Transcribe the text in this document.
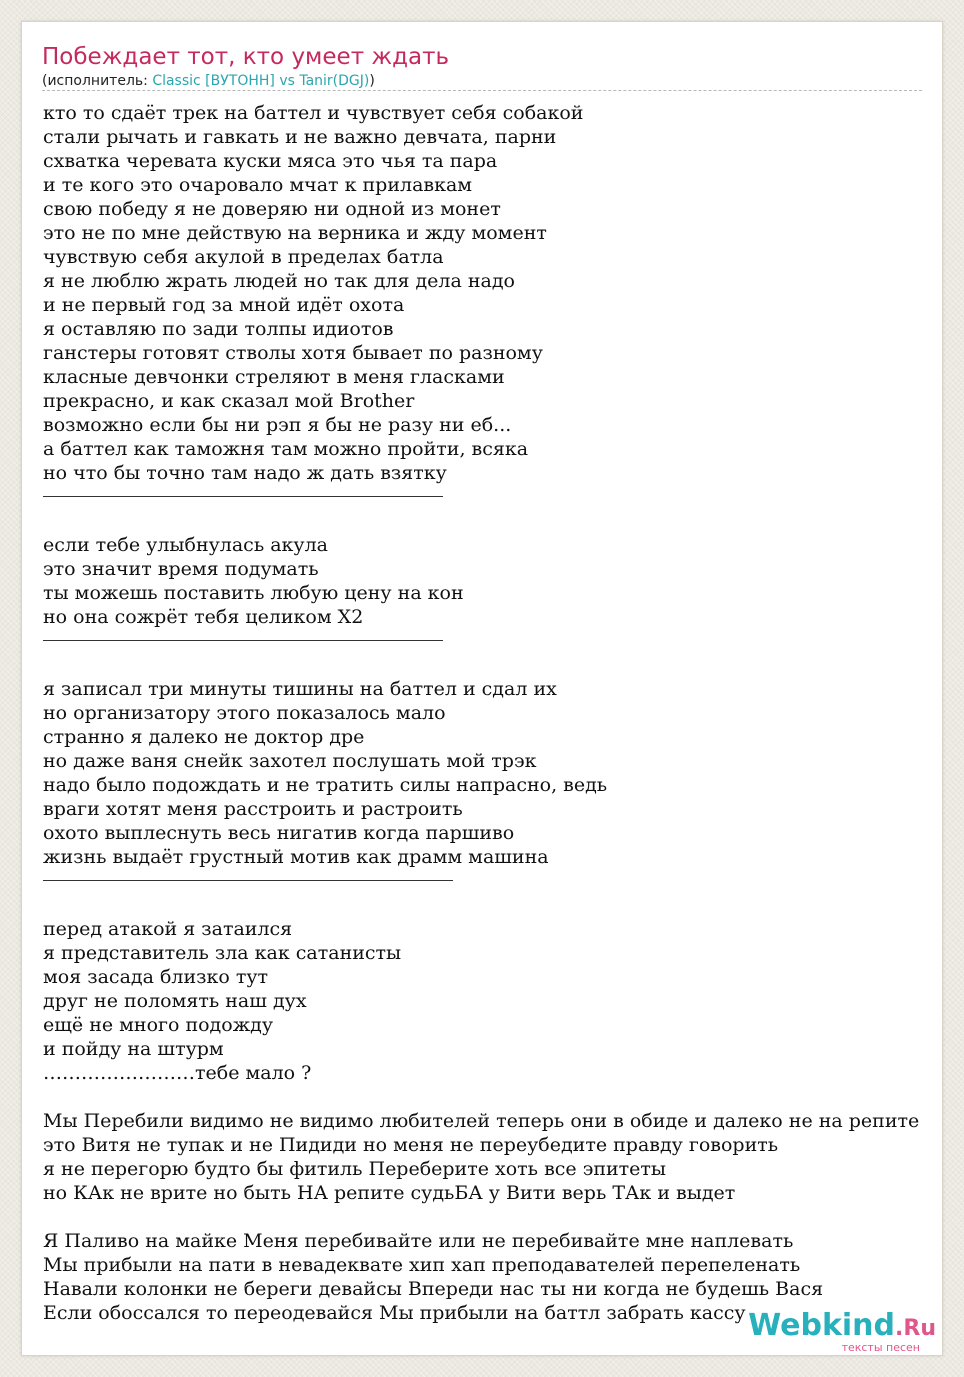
Побеждает тот, кто умеет ждать
(исполнитель: Classic [ВУТОНН] vs Tanir(DGJ))
кто то сдаёт трек на баттел и чувствует себя собакой
стали рычать и гавкать и не важно девчата, парни
схватка черевата куски мяса это чья та пара
и те кого это очаровало мчат к прилавкам
свою победу я не доверяю ни одной из монет
это не по мне действую на верника и жду момент
чувствую себя акулой в пределах батла
я не люблю жрать людей но так для дела надо
и не первый год за мной идёт охота
я оставляю по зади толпы идиотов
ганстеры готовят стволы хотя бывает по разному
класные девчонки стреляют в меня гласками
прекрасно, и как сказал мой Brother
возможно если бы ни рэп я бы не разу ни еб...
а баттел как таможня там можно пройти, всяка
но что бы точно там надо ж дать взятку
если тебе улыбнулась акула
это значит время подумать
ты можешь поставить любую цену на кон
но она сожрёт тебя целиком Х2
я записал три минуты тишины на баттел и сдал их
но организатору этого показалось мало
странно я далеко не доктор дре
но даже ваня снейк захотел послушать мой трэк
надо было подождать и не тратить силы напрасно, ведь
враги хотят меня расстроить и растроить
охото выплеснуть весь нигатив когда паршиво
жизнь выдаёт грустный мотив как драмм машина
перед атакой я затаился
я представитель зла как сатанисты
моя засада близко тут
друг не поломять наш дух
ещё не много подожду
и пойду на штурм
……………………тебе мало ?
Мы Перебили видимо не видимо любителей теперь они в обиде и далеко не на репите
это Витя не тупак и не Пидиди но меня не переубедите правду говорить
я не перегорю будто бы фитиль Переберите хоть все эпитеты
но КАк не врите но быть НА репите судьБА у Вити верь ТАк и выдет
Я Паливо на майке Меня перебивайте или не перебивайте мне наплевать
Мы прибыли на пати в невадеквате хип хап преподавателей перепеленать
Навали колонки не береги девайсы Впереди нас ты ни когда не будешь Вася
Если обоссался то переодевайся Мы прибыли на баттл забрать кассу Webkind.Ru
тексты песен
